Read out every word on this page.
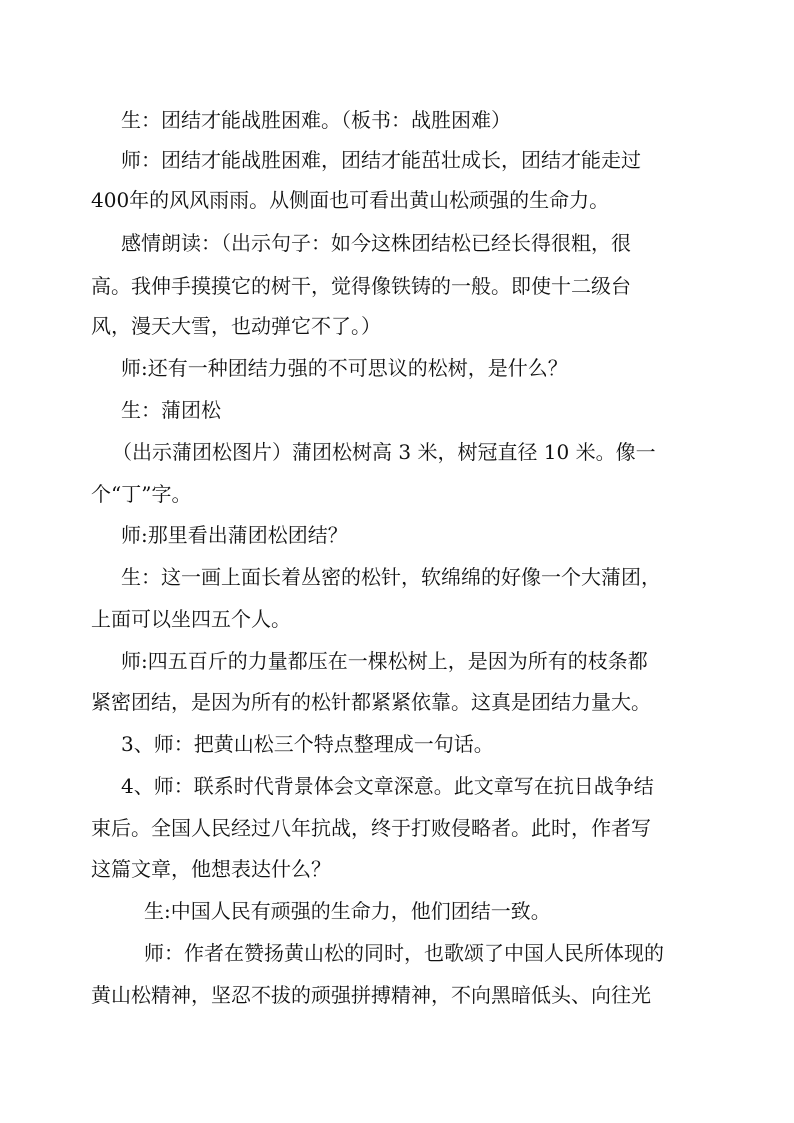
生：团结才能战胜困难。（板书：战胜困难）
师：团结才能战胜困难，团结才能茁壮成长，团结才能走过
400年的风风雨雨。从侧面也可看出黄山松顽强的生命力。
感情朗读：（出示句子：如今这株团结松已经长得很粗，很
高。我伸手摸摸它的树干，觉得像铁铸的一般。即使十二级台
风，漫天大雪，也动弹它不了。）
师:还有一种团结力强的不可思议的松树，是什么？
生：蒲团松
（出示蒲团松图片）蒲团松树高 3 米，树冠直径 10 米。像一
个“丁”字。
师:那里看出蒲团松团结？
生：这一画上面长着丛密的松针，软绵绵的好像一个大蒲团，
上面可以坐四五个人。
师:四五百斤的力量都压在一棵松树上，是因为所有的枝条都
紧密团结，是因为所有的松针都紧紧依靠。这真是团结力量大。
3、师：把黄山松三个特点整理成一句话。
4、师：联系时代背景体会文章深意。此文章写在抗日战争结
束后。全国人民经过八年抗战，终于打败侵略者。此时，作者写
这篇文章，他想表达什么？
生:中国人民有顽强的生命力，他们团结一致。
师：作者在赞扬黄山松的同时，也歌颂了中国人民所体现的
黄山松精神，坚忍不拔的顽强拼搏精神，不向黑暗低头、向往光
